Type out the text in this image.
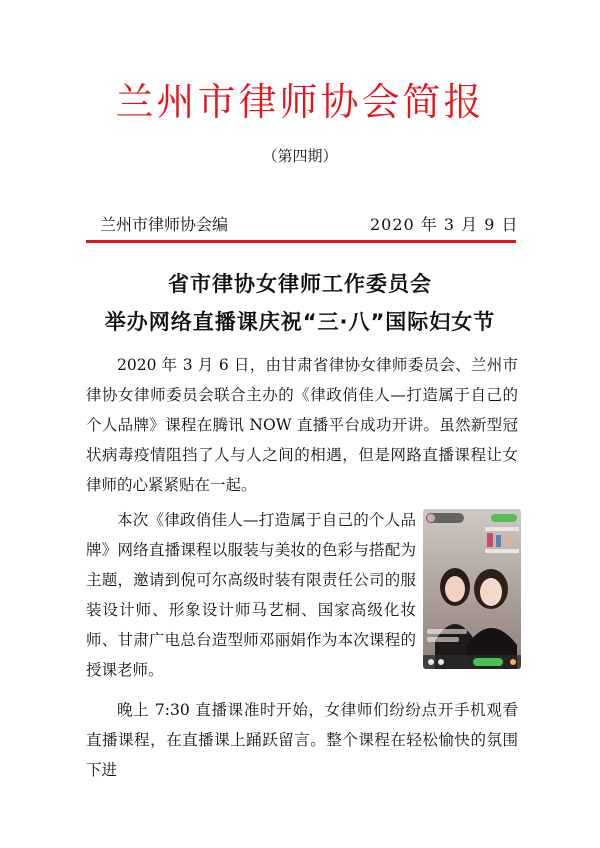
兰州市律师协会简报
（第四期）
兰州市律师协会编	2020 年 3 月 9 日
省市律协女律师工作委员会
举办网络直播课庆祝“三·八”国际妇女节
2020 年 3 月 6 日，由甘肃省律协女律师委员会、兰州市律协女律师委员会联合主办的《律政俏佳人—打造属于自己的个人品牌》课程在腾讯 NOW 直播平台成功开讲。虽然新型冠状病毒疫情阻挡了人与人之间的相遇，但是网路直播课程让女律师的心紧紧贴在一起。
本次《律政俏佳人—打造属于自己的个人品牌》网络直播课程以服装与美妆的色彩与搭配为主题，邀请到倪可尔高级时装有限责任公司的服装设计师、形象设计师马艺桐、国家高级化妆师、甘肃广电总台造型师邓丽娟作为本次课程的授课老师。
晚上 7:30 直播课准时开始，女律师们纷纷点开手机观看直播课程，在直播课上踊跃留言。整个课程在轻松愉快的氛围下进
